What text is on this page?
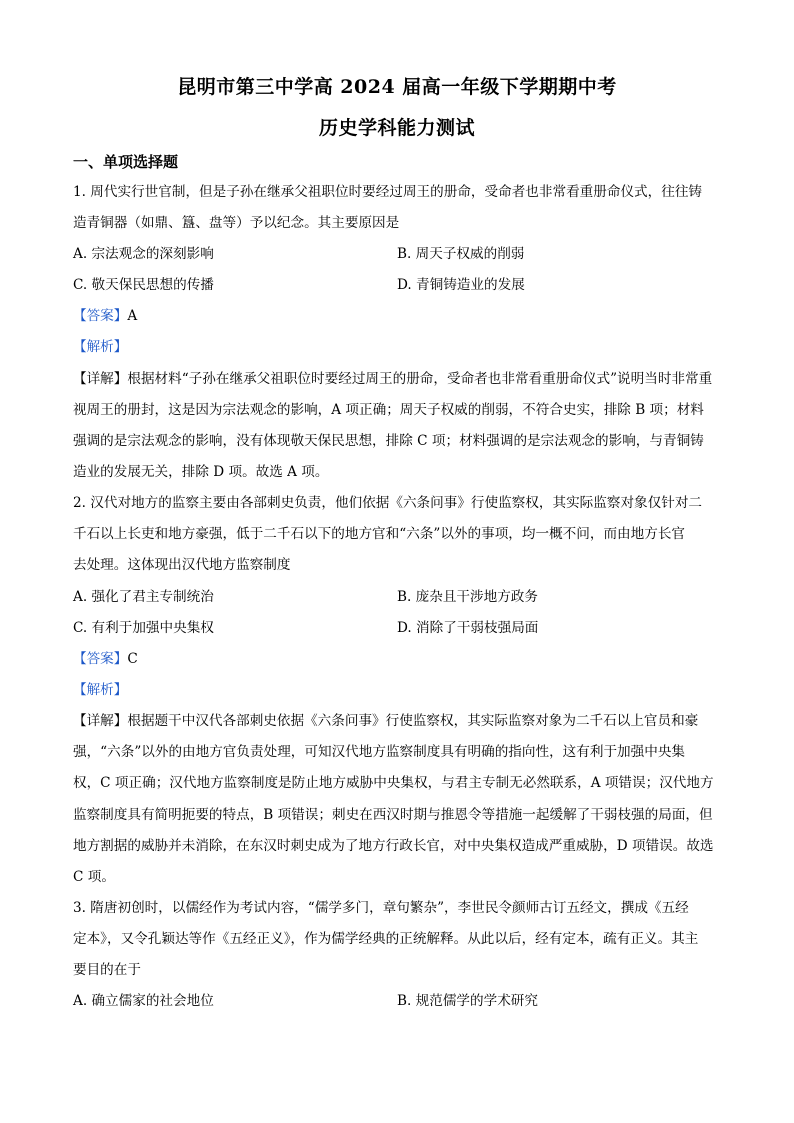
昆明市第三中学高 2024 届高一年级下学期期中考
历史学科能力测试
一、单项选择题
1. 周代实行世官制，但是子孙在继承父祖职位时要经过周王的册命，受命者也非常看重册命仪式，往往铸
造青铜器（如鼎、簋、盘等）予以纪念。其主要原因是
A. 宗法观念的深刻影响	B. 周天子权威的削弱
C. 敬天保民思想的传播	D. 青铜铸造业的发展
【答案】A
【解析】
【详解】根据材料“子孙在继承父祖职位时要经过周王的册命，受命者也非常看重册命仪式”说明当时非常重
视周王的册封，这是因为宗法观念的影响，A 项正确；周天子权威的削弱，不符合史实，排除 B 项；材料
强调的是宗法观念的影响，没有体现敬天保民思想，排除 C 项；材料强调的是宗法观念的影响，与青铜铸
造业的发展无关，排除 D 项。故选 A 项。
2. 汉代对地方的监察主要由各部刺史负责，他们依据《六条问事》行使监察权，其实际监察对象仅针对二
千石以上长吏和地方豪强，低于二千石以下的地方官和“六条”以外的事项，均一概不问，而由地方长官
去处理。这体现出汉代地方监察制度
A. 强化了君主专制统治	B. 庞杂且干涉地方政务
C. 有利于加强中央集权	D. 消除了干弱枝强局面
【答案】C
【解析】
【详解】根据题干中汉代各部刺史依据《六条问事》行使监察权，其实际监察对象为二千石以上官员和豪
强，“六条”以外的由地方官负责处理，可知汉代地方监察制度具有明确的指向性，这有利于加强中央集
权，C 项正确；汉代地方监察制度是防止地方威胁中央集权，与君主专制无必然联系，A 项错误；汉代地方
监察制度具有简明扼要的特点，B 项错误；刺史在西汉时期与推恩令等措施一起缓解了干弱枝强的局面，但
地方割据的威胁并未消除，在东汉时刺史成为了地方行政长官，对中央集权造成严重威胁，D 项错误。故选
C 项。
3. 隋唐初创时，以儒经作为考试内容，“儒学多门，章句繁杂”，李世民令颜师古订五经文，撰成《五经
定本》，又令孔颖达等作《五经正义》，作为儒学经典的正统解释。从此以后，经有定本，疏有正义。其主
要目的在于
A. 确立儒家的社会地位	B. 规范儒学的学术研究
